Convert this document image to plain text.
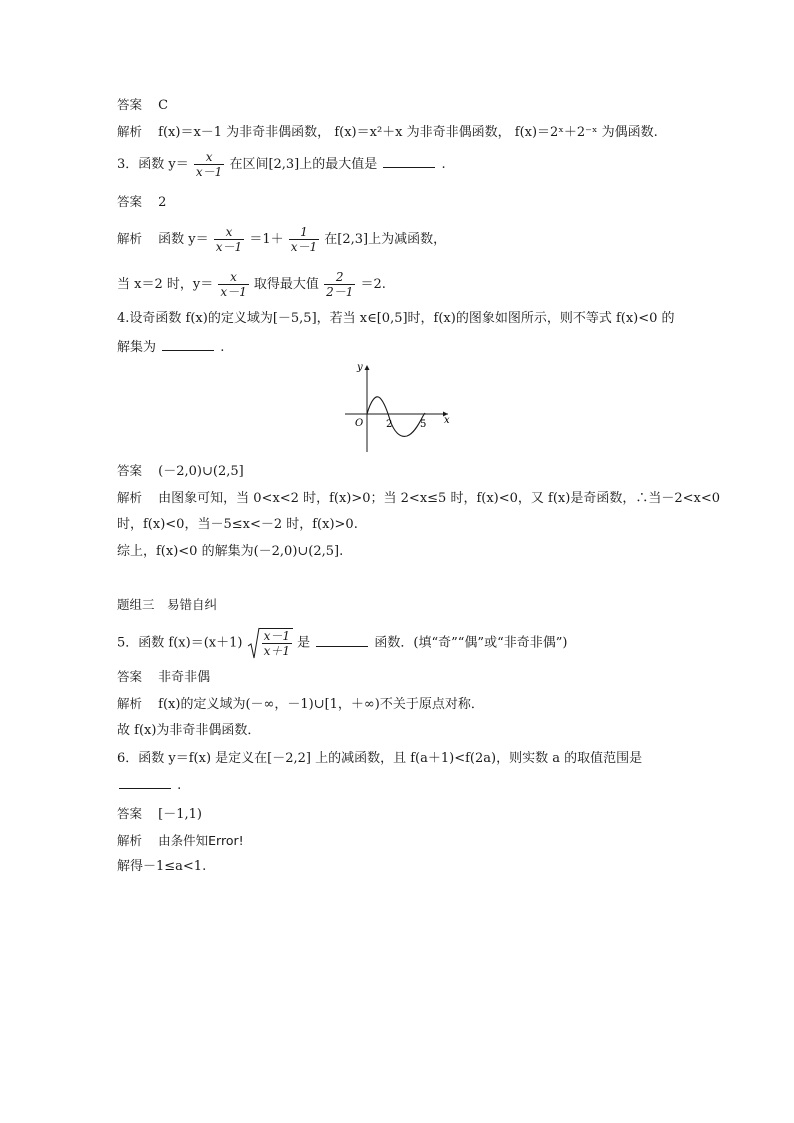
答案 C
解析 f(x)＝x－1 为非奇非偶函数， f(x)＝x²＋x 为非奇非偶函数， f(x)＝2ˣ＋2⁻ˣ 为偶函数.
3．函数 $y= \frac{x}{x-1}$ 在区间[2,3]上的最大值是	.
答案 2
解析 函数 $y= \frac{x}{x-1} =1+ \frac{1}{x-1}$ 在[2,3]上为减函数，
当 x＝2 时，$y= \frac{x}{x-1}$ 取得最大值 $\frac{2}{2-1} =2$.
4.设奇函数 f(x)的定义域为[－5,5]，若当 x∈[0,5]时，f(x)的图象如图所示，则不等式 f(x)<0 的
解集为	.
y
x
O 2	5
答案 (－2,0)∪(2,5]
解析 由图象可知，当 0<x<2 时，f(x)>0；当 2<x≤5 时，f(x)<0，又 f(x)是奇函数，∴当－2<x<0
时，f(x)<0，当－5≤x<－2 时，f(x)>0.
综上，f(x)<0 的解集为(－2,0)∪(2,5].
题组三　易错自纠
5．函数 $f(x)=(x+1) \frac{x-1}{x+1}$ 是	函数．(填“奇”“偶”或“非奇非偶”)
答案 非奇非偶
解析 f(x)的定义域为(－∞，－1)∪[1，＋∞)不关于原点对称．
故 f(x)为非奇非偶函数．
6．函数 y＝f(x) 是定义在[－2,2] 上的减函数，且 f(a＋1)<f(2a)，则实数 a 的取值范围是
.
答案 [－1,1)
解析 由条件知Error!
解得－1≤a<1.
